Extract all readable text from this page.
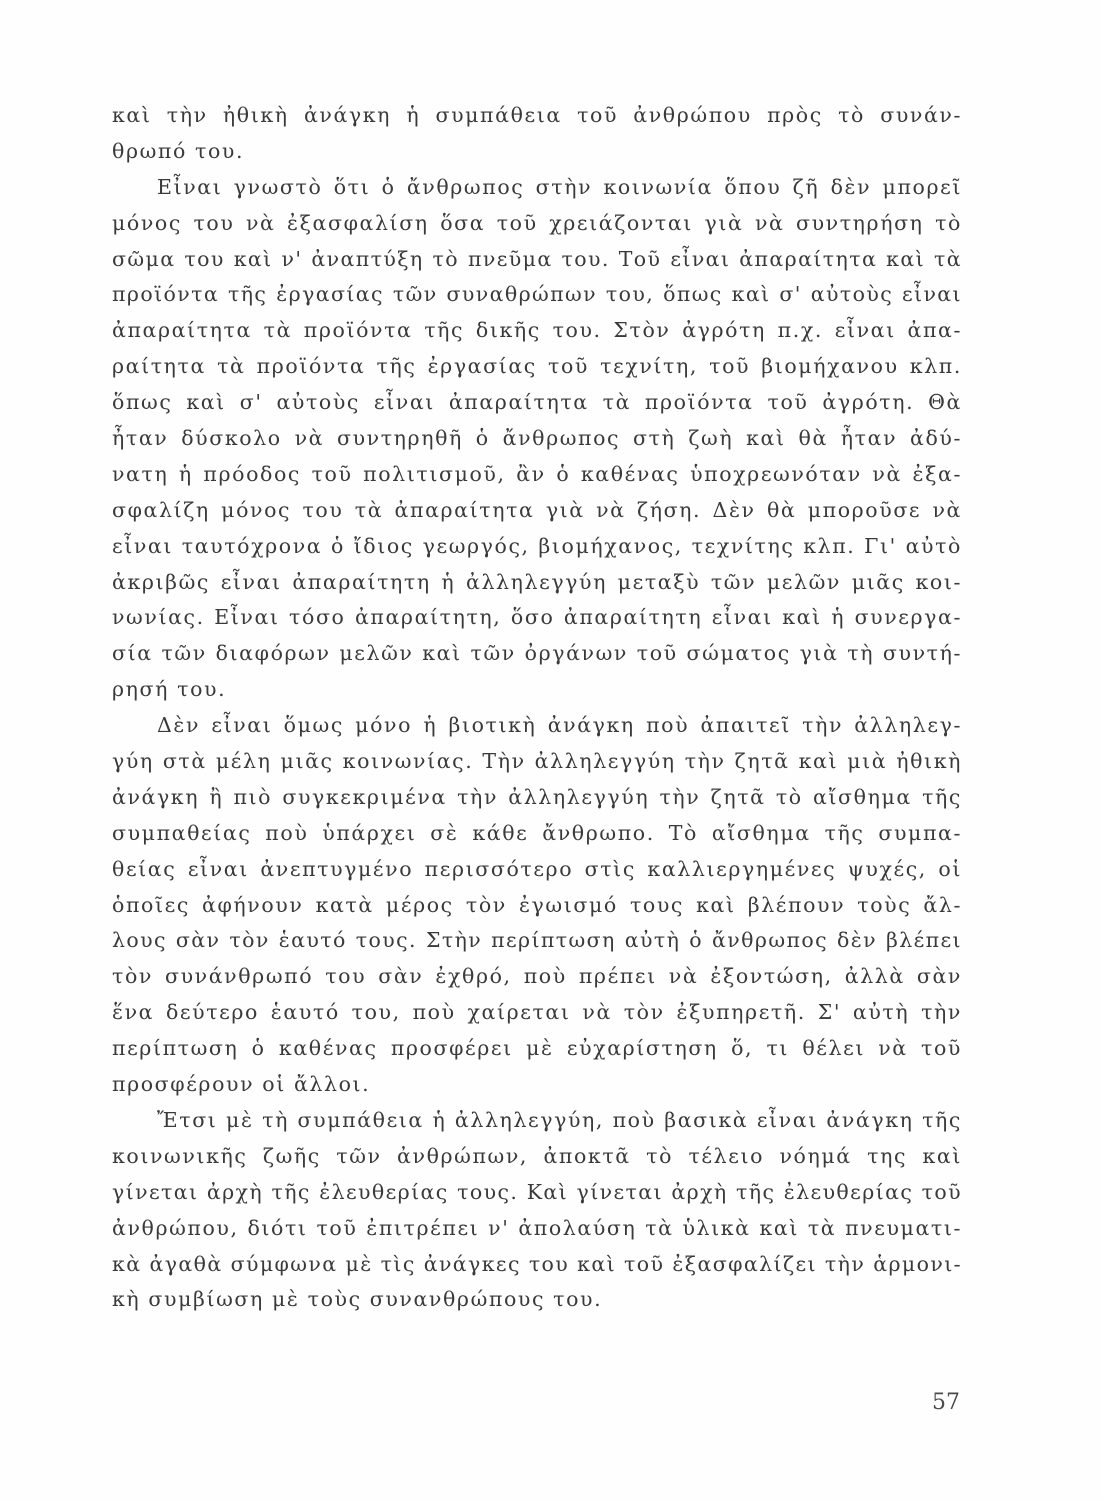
καὶ τὴν ἠθικὴ ἀνάγκη ἡ συμπάθεια τοῦ ἀνθρώπου πρὸς τὸ συνάν-
θρωπό του.
Εἶναι γνωστὸ ὅτι ὁ ἄνθρωπος στὴν κοινωνία ὅπου ζῆ δὲν μπορεῖ
μόνος του νὰ ἐξασφαλίση ὅσα τοῦ χρειάζονται γιὰ νὰ συντηρήση τὸ
σῶμα του καὶ ν' ἀναπτύξη τὸ πνεῦμα του. Τοῦ εἶναι ἀπαραίτητα καὶ τὰ
προϊόντα τῆς ἐργασίας τῶν συναθρώπων του, ὅπως καὶ σ' αὐτοὺς εἶναι
ἀπαραίτητα τὰ προϊόντα τῆς δικῆς του. Στὸν ἀγρότη π.χ. εἶναι ἀπα-
ραίτητα τὰ προϊόντα τῆς ἐργασίας τοῦ τεχνίτη, τοῦ βιομήχανου κλπ.
ὅπως καὶ σ' αὐτοὺς εἶναι ἀπαραίτητα τὰ προϊόντα τοῦ ἀγρότη. Θὰ
ἦταν δύσκολο νὰ συντηρηθῆ ὁ ἄνθρωπος στὴ ζωὴ καὶ θὰ ἦταν ἀδύ-
νατη ἡ πρόοδος τοῦ πολιτισμοῦ, ἂν ὁ καθένας ὑποχρεωνόταν νὰ ἐξα-
σφαλίζη μόνος του τὰ ἀπαραίτητα γιὰ νὰ ζήση. Δὲν θὰ μποροῦσε νὰ
εἶναι ταυτόχρονα ὁ ἴδιος γεωργός, βιομήχανος, τεχνίτης κλπ. Γι' αὐτὸ
ἀκριβῶς εἶναι ἀπαραίτητη ἡ ἀλληλεγγύη μεταξὺ τῶν μελῶν μιᾶς κοι-
νωνίας. Εἶναι τόσο ἀπαραίτητη, ὅσο ἀπαραίτητη εἶναι καὶ ἡ συνεργα-
σία τῶν διαφόρων μελῶν καὶ τῶν ὀργάνων τοῦ σώματος γιὰ τὴ συντή-
ρησή του.
Δὲν εἶναι ὅμως μόνο ἡ βιοτικὴ ἀνάγκη ποὺ ἀπαιτεῖ τὴν ἀλληλεγ-
γύη στὰ μέλη μιᾶς κοινωνίας. Τὴν ἀλληλεγγύη τὴν ζητᾶ καὶ μιὰ ἠθικὴ
ἀνάγκη ἢ πιὸ συγκεκριμένα τὴν ἀλληλεγγύη τὴν ζητᾶ τὸ αἴσθημα τῆς
συμπαθείας ποὺ ὑπάρχει σὲ κάθε ἄνθρωπο. Τὸ αἴσθημα τῆς συμπα-
θείας εἶναι ἀνεπτυγμένο περισσότερο στὶς καλλιεργημένες ψυχές, οἱ
ὁποῖες ἀφήνουν κατὰ μέρος τὸν ἐγωισμό τους καὶ βλέπουν τοὺς ἄλ-
λους σὰν τὸν ἑαυτό τους. Στὴν περίπτωση αὐτὴ ὁ ἄνθρωπος δὲν βλέπει
τὸν συνάνθρωπό του σὰν ἐχθρό, ποὺ πρέπει νὰ ἐξοντώση, ἀλλὰ σὰν
ἕνα δεύτερο ἑαυτό του, ποὺ χαίρεται νὰ τὸν ἐξυπηρετῆ. Σ' αὐτὴ τὴν
περίπτωση ὁ καθένας προσφέρει μὲ εὐχαρίστηση ὅ, τι θέλει νὰ τοῦ
προσφέρουν οἱ ἄλλοι.
Ἔτσι μὲ τὴ συμπάθεια ἡ ἀλληλεγγύη, ποὺ βασικὰ εἶναι ἀνάγκη τῆς
κοινωνικῆς ζωῆς τῶν ἀνθρώπων, ἀποκτᾶ τὸ τέλειο νόημά της καὶ
γίνεται ἀρχὴ τῆς ἐλευθερίας τους. Καὶ γίνεται ἀρχὴ τῆς ἐλευθερίας τοῦ
ἀνθρώπου, διότι τοῦ ἐπιτρέπει ν' ἀπολαύση τὰ ὑλικὰ καὶ τὰ πνευματι-
κὰ ἀγαθὰ σύμφωνα μὲ τὶς ἀνάγκες του καὶ τοῦ ἐξασφαλίζει τὴν ἁρμονι-
κὴ συμβίωση μὲ τοὺς συνανθρώπους του.
57
